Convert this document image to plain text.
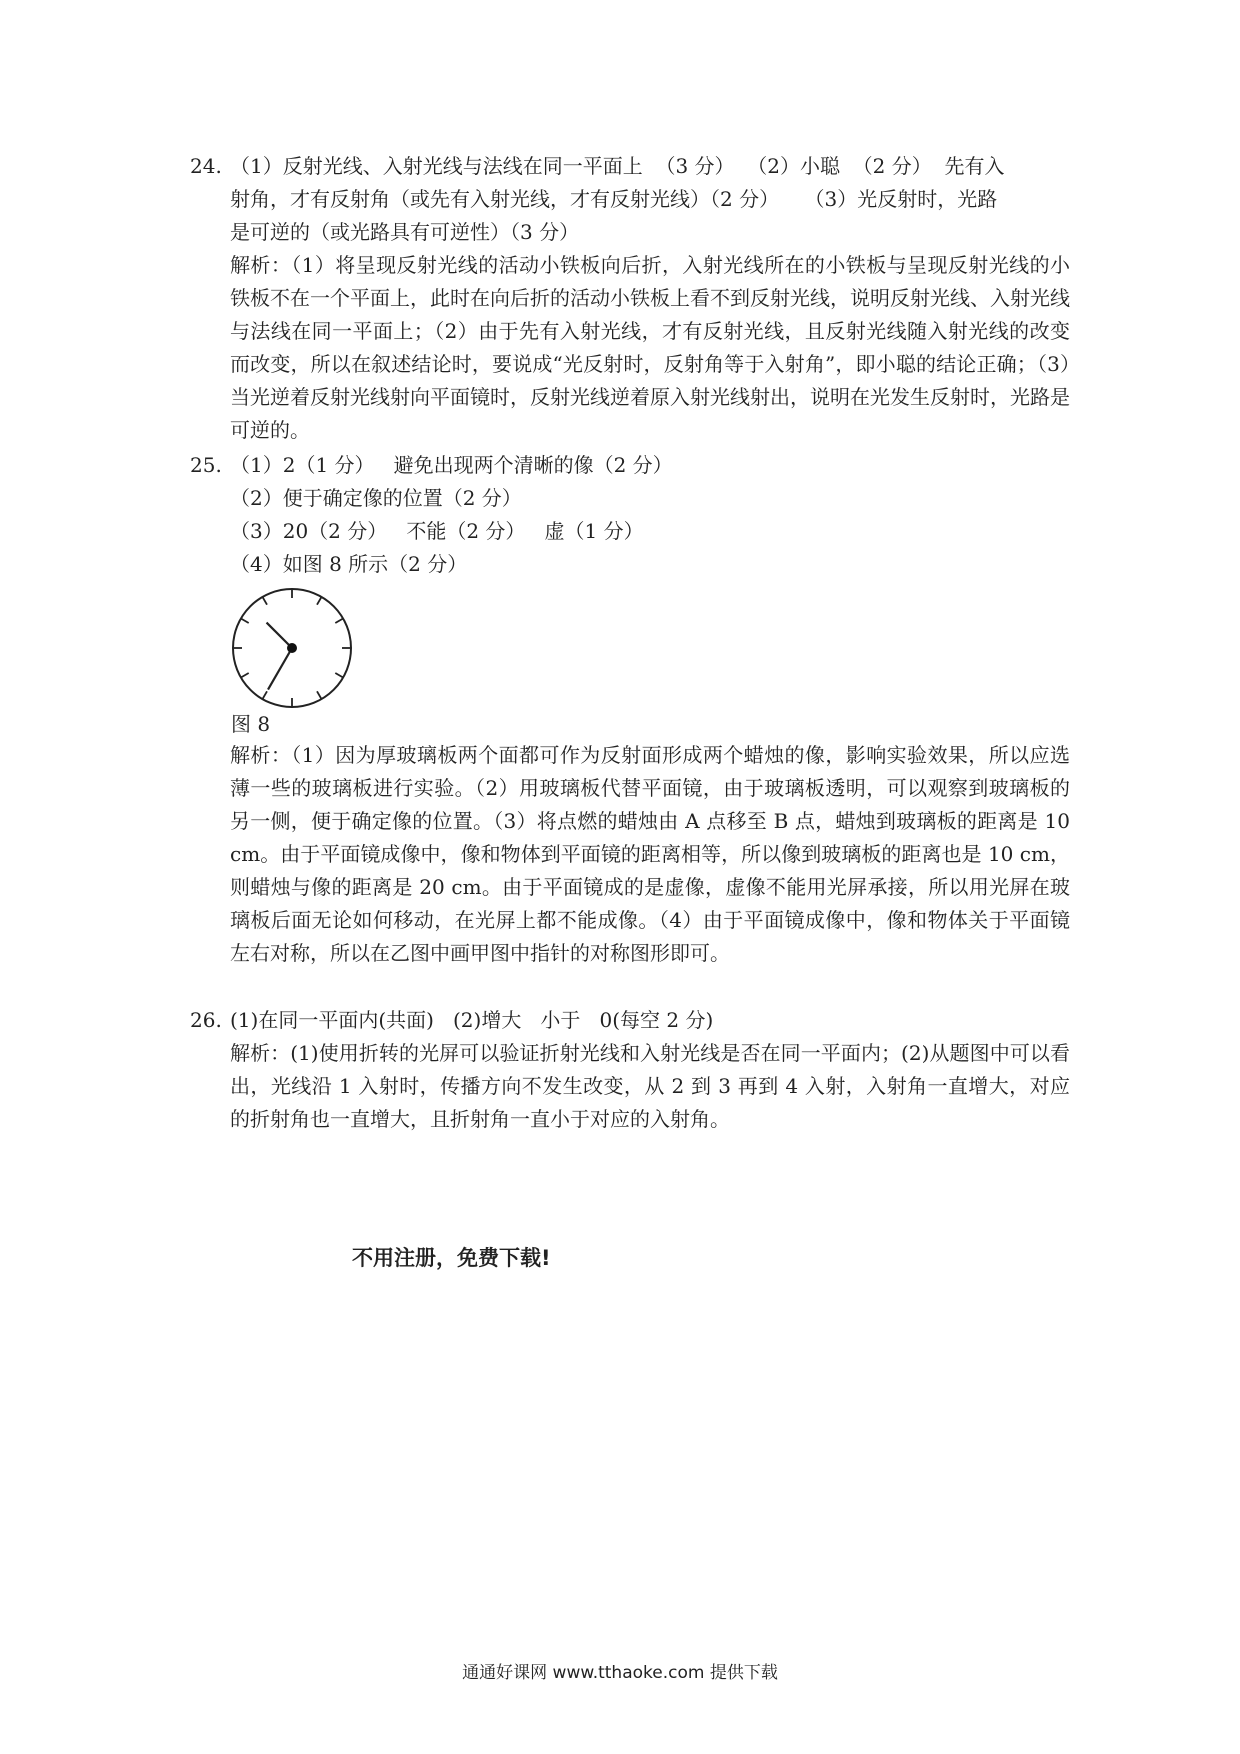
24. （1）反射光线、入射光线与法线在同一平面上  （3 分）  （2）小聪  （2 分）  先有入
射角，才有反射角（或先有入射光线，才有反射光线）（2 分）    （3）光反射时，光路
是可逆的（或光路具有可逆性）（3 分）
解析：（1）将呈现反射光线的活动小铁板向后折，入射光线所在的小铁板与呈现反射光线的小铁板不在一个平面上，此时在向后折的活动小铁板上看不到反射光线，说明反射光线、入射光线与法线在同一平面上；（2）由于先有入射光线，才有反射光线，且反射光线随入射光线的改变而改变，所以在叙述结论时，要说成“光反射时，反射角等于入射角”，即小聪的结论正确；（3）当光逆着反射光线射向平面镜时，反射光线逆着原入射光线射出，说明在光发生反射时，光路是可逆的。
25. （1）2（1 分）   避免出现两个清晰的像（2 分）
（2）便于确定像的位置（2 分）
（3）20（2 分）   不能（2 分）   虚（1 分）
（4）如图 8 所示（2 分）
图 8
解析：（1）因为厚玻璃板两个面都可作为反射面形成两个蜡烛的像，影响实验效果，所以应选薄一些的玻璃板进行实验。（2）用玻璃板代替平面镜，由于玻璃板透明，可以观察到玻璃板的另一侧，便于确定像的位置。（3）将点燃的蜡烛由 A 点移至 B 点，蜡烛到玻璃板的距离是 10 cm。由于平面镜成像中，像和物体到平面镜的距离相等，所以像到玻璃板的距离也是 10 cm，则蜡烛与像的距离是 20 cm。由于平面镜成的是虚像，虚像不能用光屏承接，所以用光屏在玻璃板后面无论如何移动，在光屏上都不能成像。（4）由于平面镜成像中，像和物体关于平面镜左右对称，所以在乙图中画甲图中指针的对称图形即可。
26. (1)在同一平面内(共面)   (2)增大   小于   0(每空 2 分)
解析：(1)使用折转的光屏可以验证折射光线和入射光线是否在同一平面内；(2)从题图中可以看出，光线沿 1 入射时，传播方向不发生改变，从 2 到 3 再到 4 入射，入射角一直增大，对应的折射角也一直增大，且折射角一直小于对应的入射角。
不用注册，免费下载!
通通好课网 www.tthaoke.com 提供下载
